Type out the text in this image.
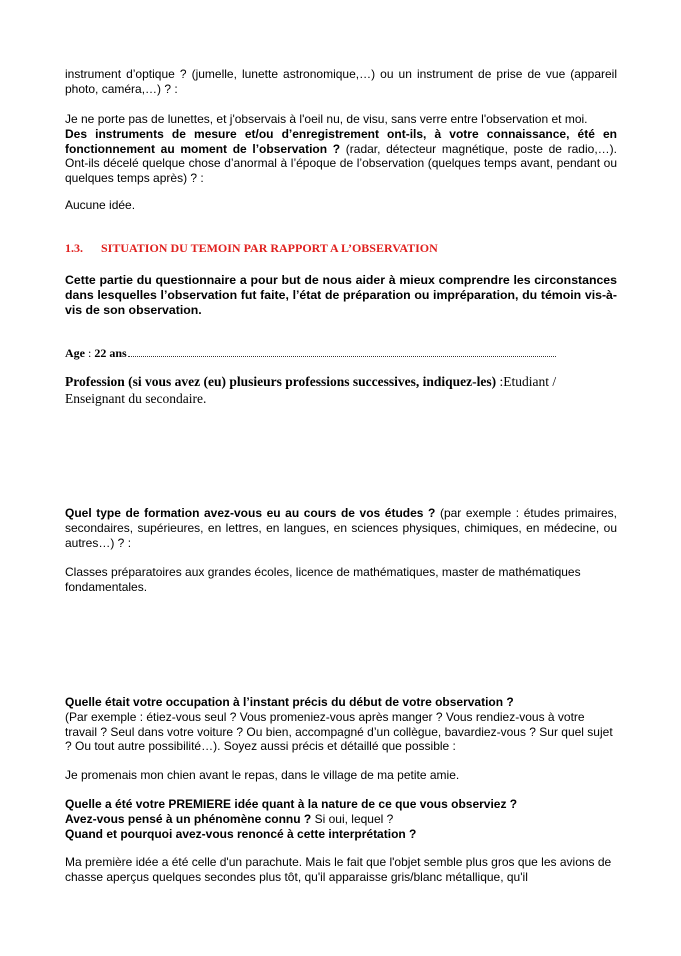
instrument d’optique ? (jumelle, lunette astronomique,…) ou un instrument de prise de vue (appareil photo, caméra,…) ? :

Je ne porte pas de lunettes, et j'observais à l'oeil nu, de visu, sans verre entre l'observation et moi.
Des instruments de mesure et/ou d’enregistrement ont-ils, à votre connaissance, été en fonctionnement au moment de l’observation ? (radar, détecteur magnétique, poste de radio,…). Ont-ils décelé quelque chose d’anormal à l’époque de l’observation (quelques temps avant, pendant ou quelques temps après) ? :

Aucune idée.

1.3. SITUATION DU TEMOIN PAR RAPPORT A L’OBSERVATION

Cette partie du questionnaire a pour but de nous aider à mieux comprendre les circonstances dans lesquelles l’observation fut faite, l’état de préparation ou impréparation, du témoin vis-à-vis de son observation.

Age : 22 ans

Profession (si vous avez (eu) plusieurs professions successives, indiquez-les) :Etudiant / Enseignant du secondaire.

Quel type de formation avez-vous eu au cours de vos études ? (par exemple : études primaires, secondaires, supérieures, en lettres, en langues, en sciences physiques, chimiques, en médecine, ou autres…) ? :

Classes préparatoires aux grandes écoles, licence de mathématiques, master de mathématiques fondamentales.

Quelle était votre occupation à l’instant précis du début de votre observation ?
(Par exemple : étiez-vous seul ? Vous promeniez-vous après manger ? Vous rendiez-vous à votre travail ? Seul dans votre voiture ? Ou bien, accompagné d’un collègue, bavardiez-vous ? Sur quel sujet ? Ou tout autre possibilité…). Soyez aussi précis et détaillé que possible :

Je promenais mon chien avant le repas, dans le village de ma petite amie.

Quelle a été votre PREMIERE idée quant à la nature de ce que vous observiez ?
Avez-vous pensé à un phénomène connu ? Si oui, lequel ?
Quand et pourquoi avez-vous renoncé à cette interprétation ?

Ma première idée a été celle d'un parachute. Mais le fait que l'objet semble plus gros que les avions de chasse aperçus quelques secondes plus tôt, qu'il apparaisse gris/blanc métallique, qu'il
